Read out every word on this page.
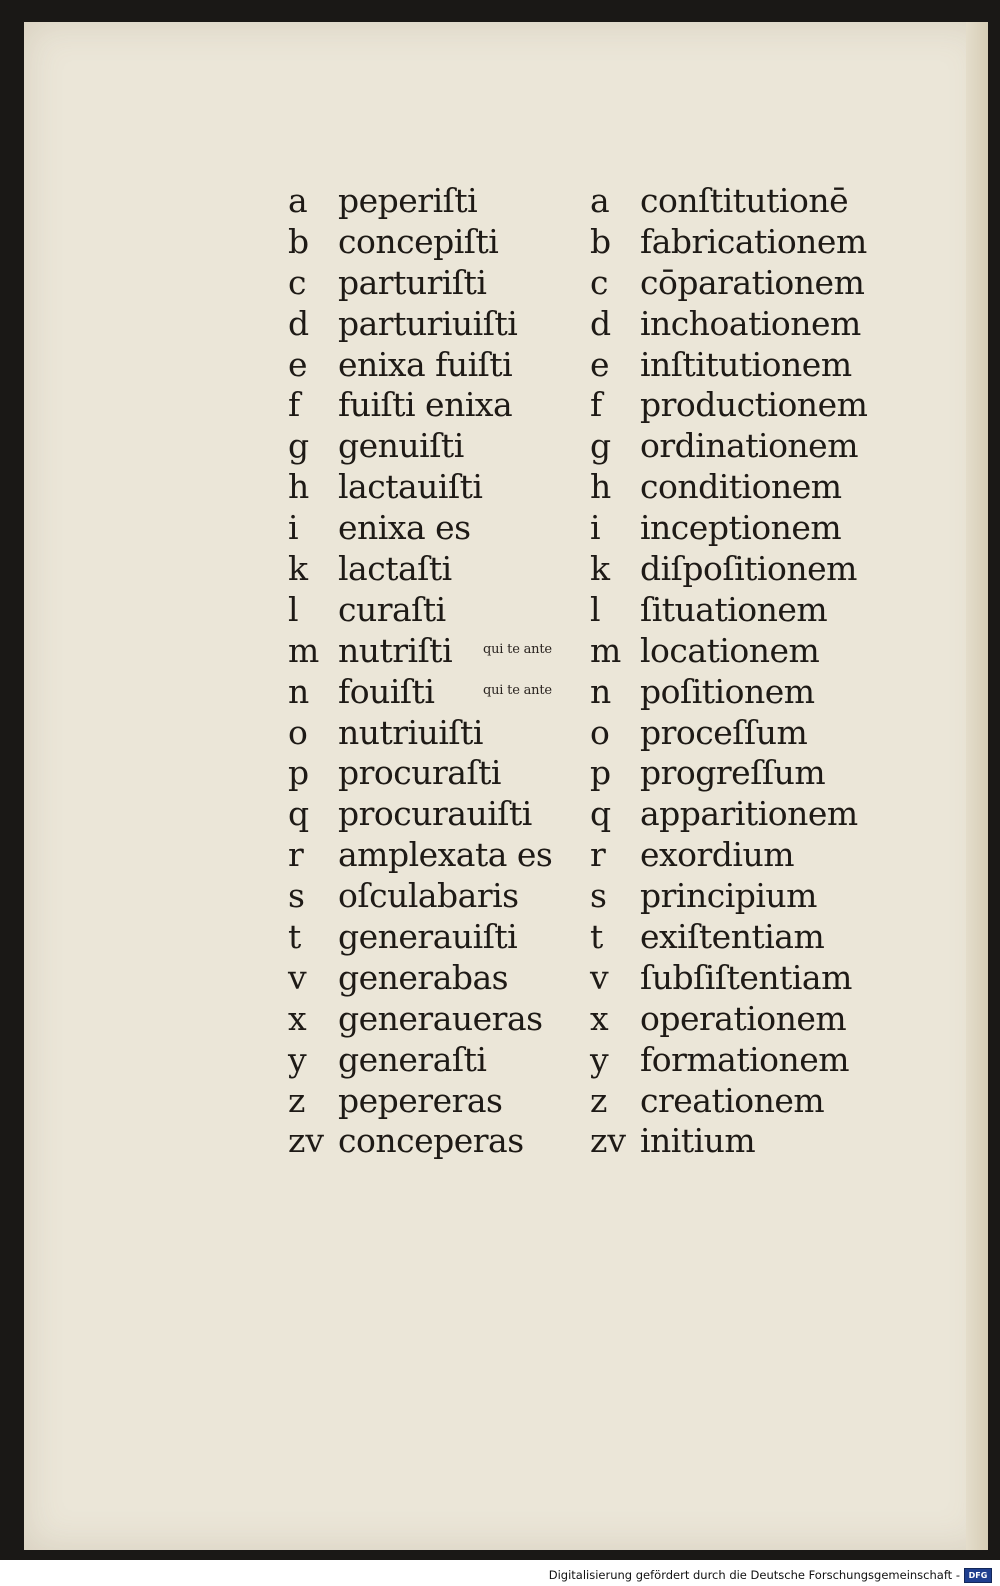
a peperiſti
b concepiſti
c parturiſti
d parturiuiſti
e enixa fuiſti
f	fuiſti enixa
g genuiſti
h lactauiſti
i	enixa es
k lactaſti
l	curaſti
m nutriſti qui te ante
n fouiſti	qui te ante
o nutriuiſti
p procuraſti
q procurauiſti
r	amplexata es
s	oſculabaris
t	generauiſti
v generabas
x generaueras
y generaſti
z pepereras
zv conceperas
a conſtitutionē
b fabricationem
c cōparationem
d inchoationem
e inſtitutionem
f	productionem
g ordinationem
h conditionem
i	inceptionem
k diſpoſitionem
l	ſituationem
m locationem
n poſitionem
o proceſſum
p progreſſum
q apparitionem
r	exordium
s	principium
t	exiſtentiam
v ſubſiſtentiam
x operationem
y formationem
z creationem
zv initium
Digitalisierung gefördert durch die Deutsche Forschungsgemeinschaft -	DFG
